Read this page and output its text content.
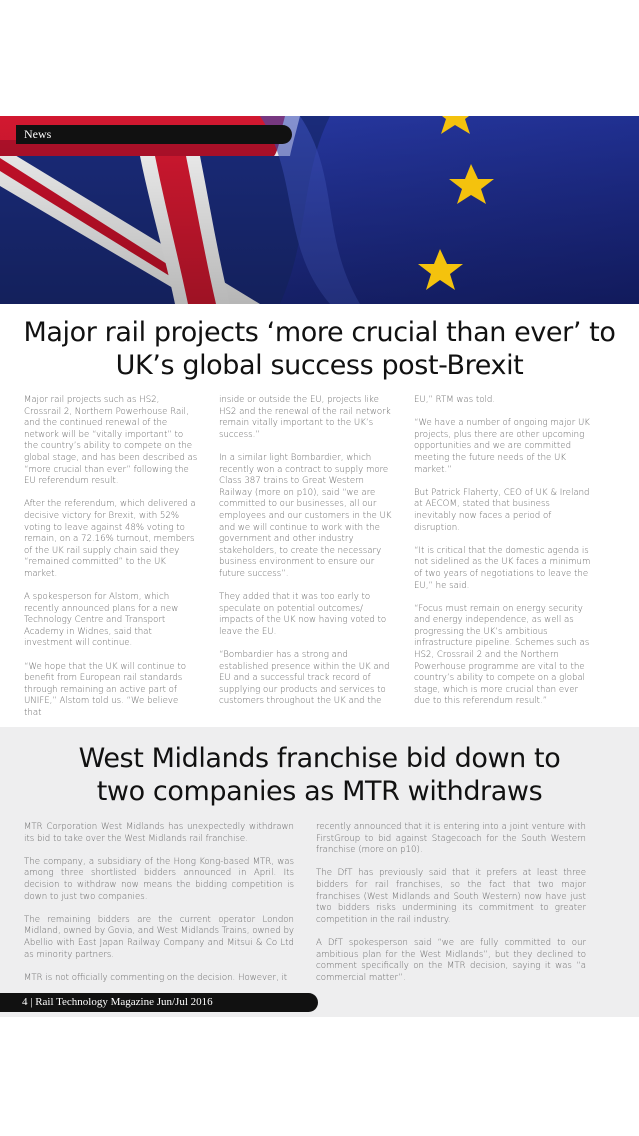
News
Major rail projects ‘more crucial than ever’ to
UK’s global success post-Brexit

Major rail projects such as HS2, Crossrail 2, Northern Powerhouse Rail, and the continued renewal of the network will be “vitally important” to the country’s ability to compete on the global stage, and has been described as “more crucial than ever” following the EU referendum result.

After the referendum, which delivered a decisive victory for Brexit, with 52% voting to leave against 48% voting to remain, on a 72.16% turnout, members of the UK rail supply chain said they “remained committed” to the UK market.

A spokesperson for Alstom, which recently announced plans for a new Technology Centre and Transport Academy in Widnes, said that investment will continue.

“We hope that the UK will continue to benefit from European rail standards through remaining an active part of UNIFE,” Alstom told us. “We believe that

inside or outside the EU, projects like HS2 and the renewal of the rail network remain vitally important to the UK’s success.”

In a similar light Bombardier, which recently won a contract to supply more Class 387 trains to Great Western Railway (more on p10), said “we are committed to our businesses, all our employees and our customers in the UK and we will continue to work with the government and other industry stakeholders, to create the necessary business environment to ensure our future success”.

They added that it was too early to speculate on potential outcomes/ impacts of the UK now having voted to leave the EU.

“Bombardier has a strong and established presence within the UK and EU and a successful track record of supplying our products and services to customers throughout the UK and the

EU,” RTM was told.

“We have a number of ongoing major UK projects, plus there are other upcoming opportunities and we are committed meeting the future needs of the UK market.”

But Patrick Flaherty, CEO of UK & Ireland at AECOM, stated that business inevitably now faces a period of disruption.

“It is critical that the domestic agenda is not sidelined as the UK faces a minimum of two years of negotiations to leave the EU,” he said.

“Focus must remain on energy security and energy independence, as well as progressing the UK’s ambitious infrastructure pipeline. Schemes such as HS2, Crossrail 2 and the Northern Powerhouse programme are vital to the country’s ability to compete on a global stage, which is more crucial than ever due to this referendum result.”

West Midlands franchise bid down to
two companies as MTR withdraws

MTR Corporation West Midlands has unexpectedly withdrawn its bid to take over the West Midlands rail franchise.

The company, a subsidiary of the Hong Kong-based MTR, was among three shortlisted bidders announced in April. Its decision to withdraw now means the bidding competition is down to just two companies.

The remaining bidders are the current operator London Midland, owned by Govia, and West Midlands Trains, owned by Abellio with East Japan Railway Company and Mitsui & Co Ltd as minority partners.

MTR is not officially commenting on the decision. However, it

recently announced that it is entering into a joint venture with FirstGroup to bid against Stagecoach for the South Western franchise (more on p10).

The DfT has previously said that it prefers at least three bidders for rail franchises, so the fact that two major franchises (West Midlands and South Western) now have just two bidders risks undermining its commitment to greater competition in the rail industry.

A DfT spokesperson said “we are fully committed to our ambitious plan for the West Midlands”, but they declined to comment specifically on the MTR decision, saying it was “a commercial matter”.

4 | Rail Technology Magazine Jun/Jul 2016
